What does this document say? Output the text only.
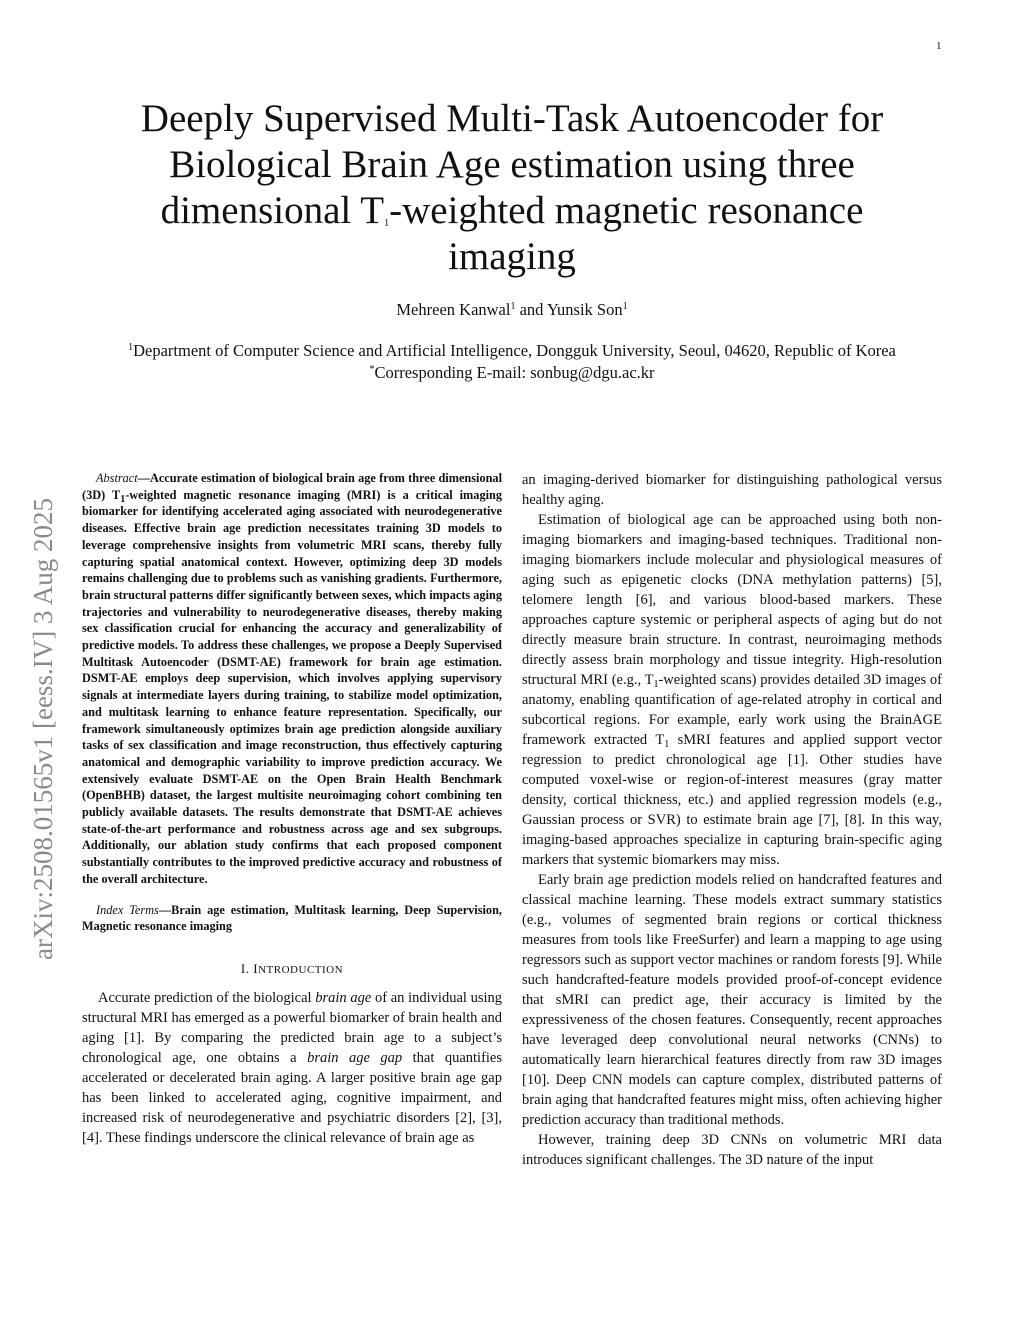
1
arXiv:2508.01565v1 [eess.IV] 3 Aug 2025
Deeply Supervised Multi-Task Autoencoder for Biological Brain Age estimation using three dimensional $T_1$-weighted magnetic resonance imaging
Mehreen Kanwal$^1$ and Yunsik Son$^1$
$^1$Department of Computer Science and Artificial Intelligence, Dongguk University, Seoul, 04620, Republic of Korea
*Corresponding E-mail: sonbug@dgu.ac.kr

Abstract—Accurate estimation of biological brain age from three dimensional (3D) $T_1$-weighted magnetic resonance imaging (MRI) is a critical imaging biomarker for identifying accelerated aging associated with neurodegenerative diseases. Effective brain age prediction necessitates training 3D models to leverage comprehensive insights from volumetric MRI scans, thereby fully capturing spatial anatomical context. However, optimizing deep 3D models remains challenging due to problems such as vanishing gradients. Furthermore, brain structural patterns differ significantly between sexes, which impacts aging trajectories and vulnerability to neurodegenerative diseases, thereby making sex classification crucial for enhancing the accuracy and generalizability of predictive models. To address these challenges, we propose a Deeply Supervised Multitask Autoencoder (DSMT-AE) framework for brain age estimation. DSMT-AE employs deep supervision, which involves applying supervisory signals at intermediate layers during training, to stabilize model optimization, and multitask learning to enhance feature representation. Specifically, our framework simultaneously optimizes brain age prediction alongside auxiliary tasks of sex classification and image reconstruction, thus effectively capturing anatomical and demographic variability to improve prediction accuracy. We extensively evaluate DSMT-AE on the Open Brain Health Benchmark (OpenBHB) dataset, the largest multisite neuroimaging cohort combining ten publicly available datasets. The results demonstrate that DSMT-AE achieves state-of-the-art performance and robustness across age and sex subgroups. Additionally, our ablation study confirms that each proposed component substantially contributes to the improved predictive accuracy and robustness of the overall architecture.

Index Terms—Brain age estimation, Multitask learning, Deep Supervision, Magnetic resonance imaging

I. INTRODUCTION

Accurate prediction of the biological brain age of an individual using structural MRI has emerged as a powerful biomarker of brain health and aging [1]. By comparing the predicted brain age to a subject’s chronological age, one obtains a brain age gap that quantifies accelerated or decelerated brain aging. A larger positive brain age gap has been linked to accelerated aging, cognitive impairment, and increased risk of neurodegenerative and psychiatric disorders [2], [3], [4]. These findings underscore the clinical relevance of brain age as

an imaging-derived biomarker for distinguishing pathological versus healthy aging.

Estimation of biological age can be approached using both non-imaging biomarkers and imaging-based techniques. Traditional non-imaging biomarkers include molecular and physiological measures of aging such as epigenetic clocks (DNA methylation patterns) [5], telomere length [6], and various blood-based markers. These approaches capture systemic or peripheral aspects of aging but do not directly measure brain structure. In contrast, neuroimaging methods directly assess brain morphology and tissue integrity. High-resolution structural MRI (e.g., $T_1$-weighted scans) provides detailed 3D images of anatomy, enabling quantification of age-related atrophy in cortical and subcortical regions. For example, early work using the BrainAGE framework extracted $T_1$ sMRI features and applied support vector regression to predict chronological age [1]. Other studies have computed voxel-wise or region-of-interest measures (gray matter density, cortical thickness, etc.) and applied regression models (e.g., Gaussian process or SVR) to estimate brain age [7], [8]. In this way, imaging-based approaches specialize in capturing brain-specific aging markers that systemic biomarkers may miss.

Early brain age prediction models relied on handcrafted features and classical machine learning. These models extract summary statistics (e.g., volumes of segmented brain regions or cortical thickness measures from tools like FreeSurfer) and learn a mapping to age using regressors such as support vector machines or random forests [9]. While such handcrafted-feature models provided proof-of-concept evidence that sMRI can predict age, their accuracy is limited by the expressiveness of the chosen features. Consequently, recent approaches have leveraged deep convolutional neural networks (CNNs) to automatically learn hierarchical features directly from raw 3D images [10]. Deep CNN models can capture complex, distributed patterns of brain aging that handcrafted features might miss, often achieving higher prediction accuracy than traditional methods.

However, training deep 3D CNNs on volumetric MRI data introduces significant challenges. The 3D nature of the input
